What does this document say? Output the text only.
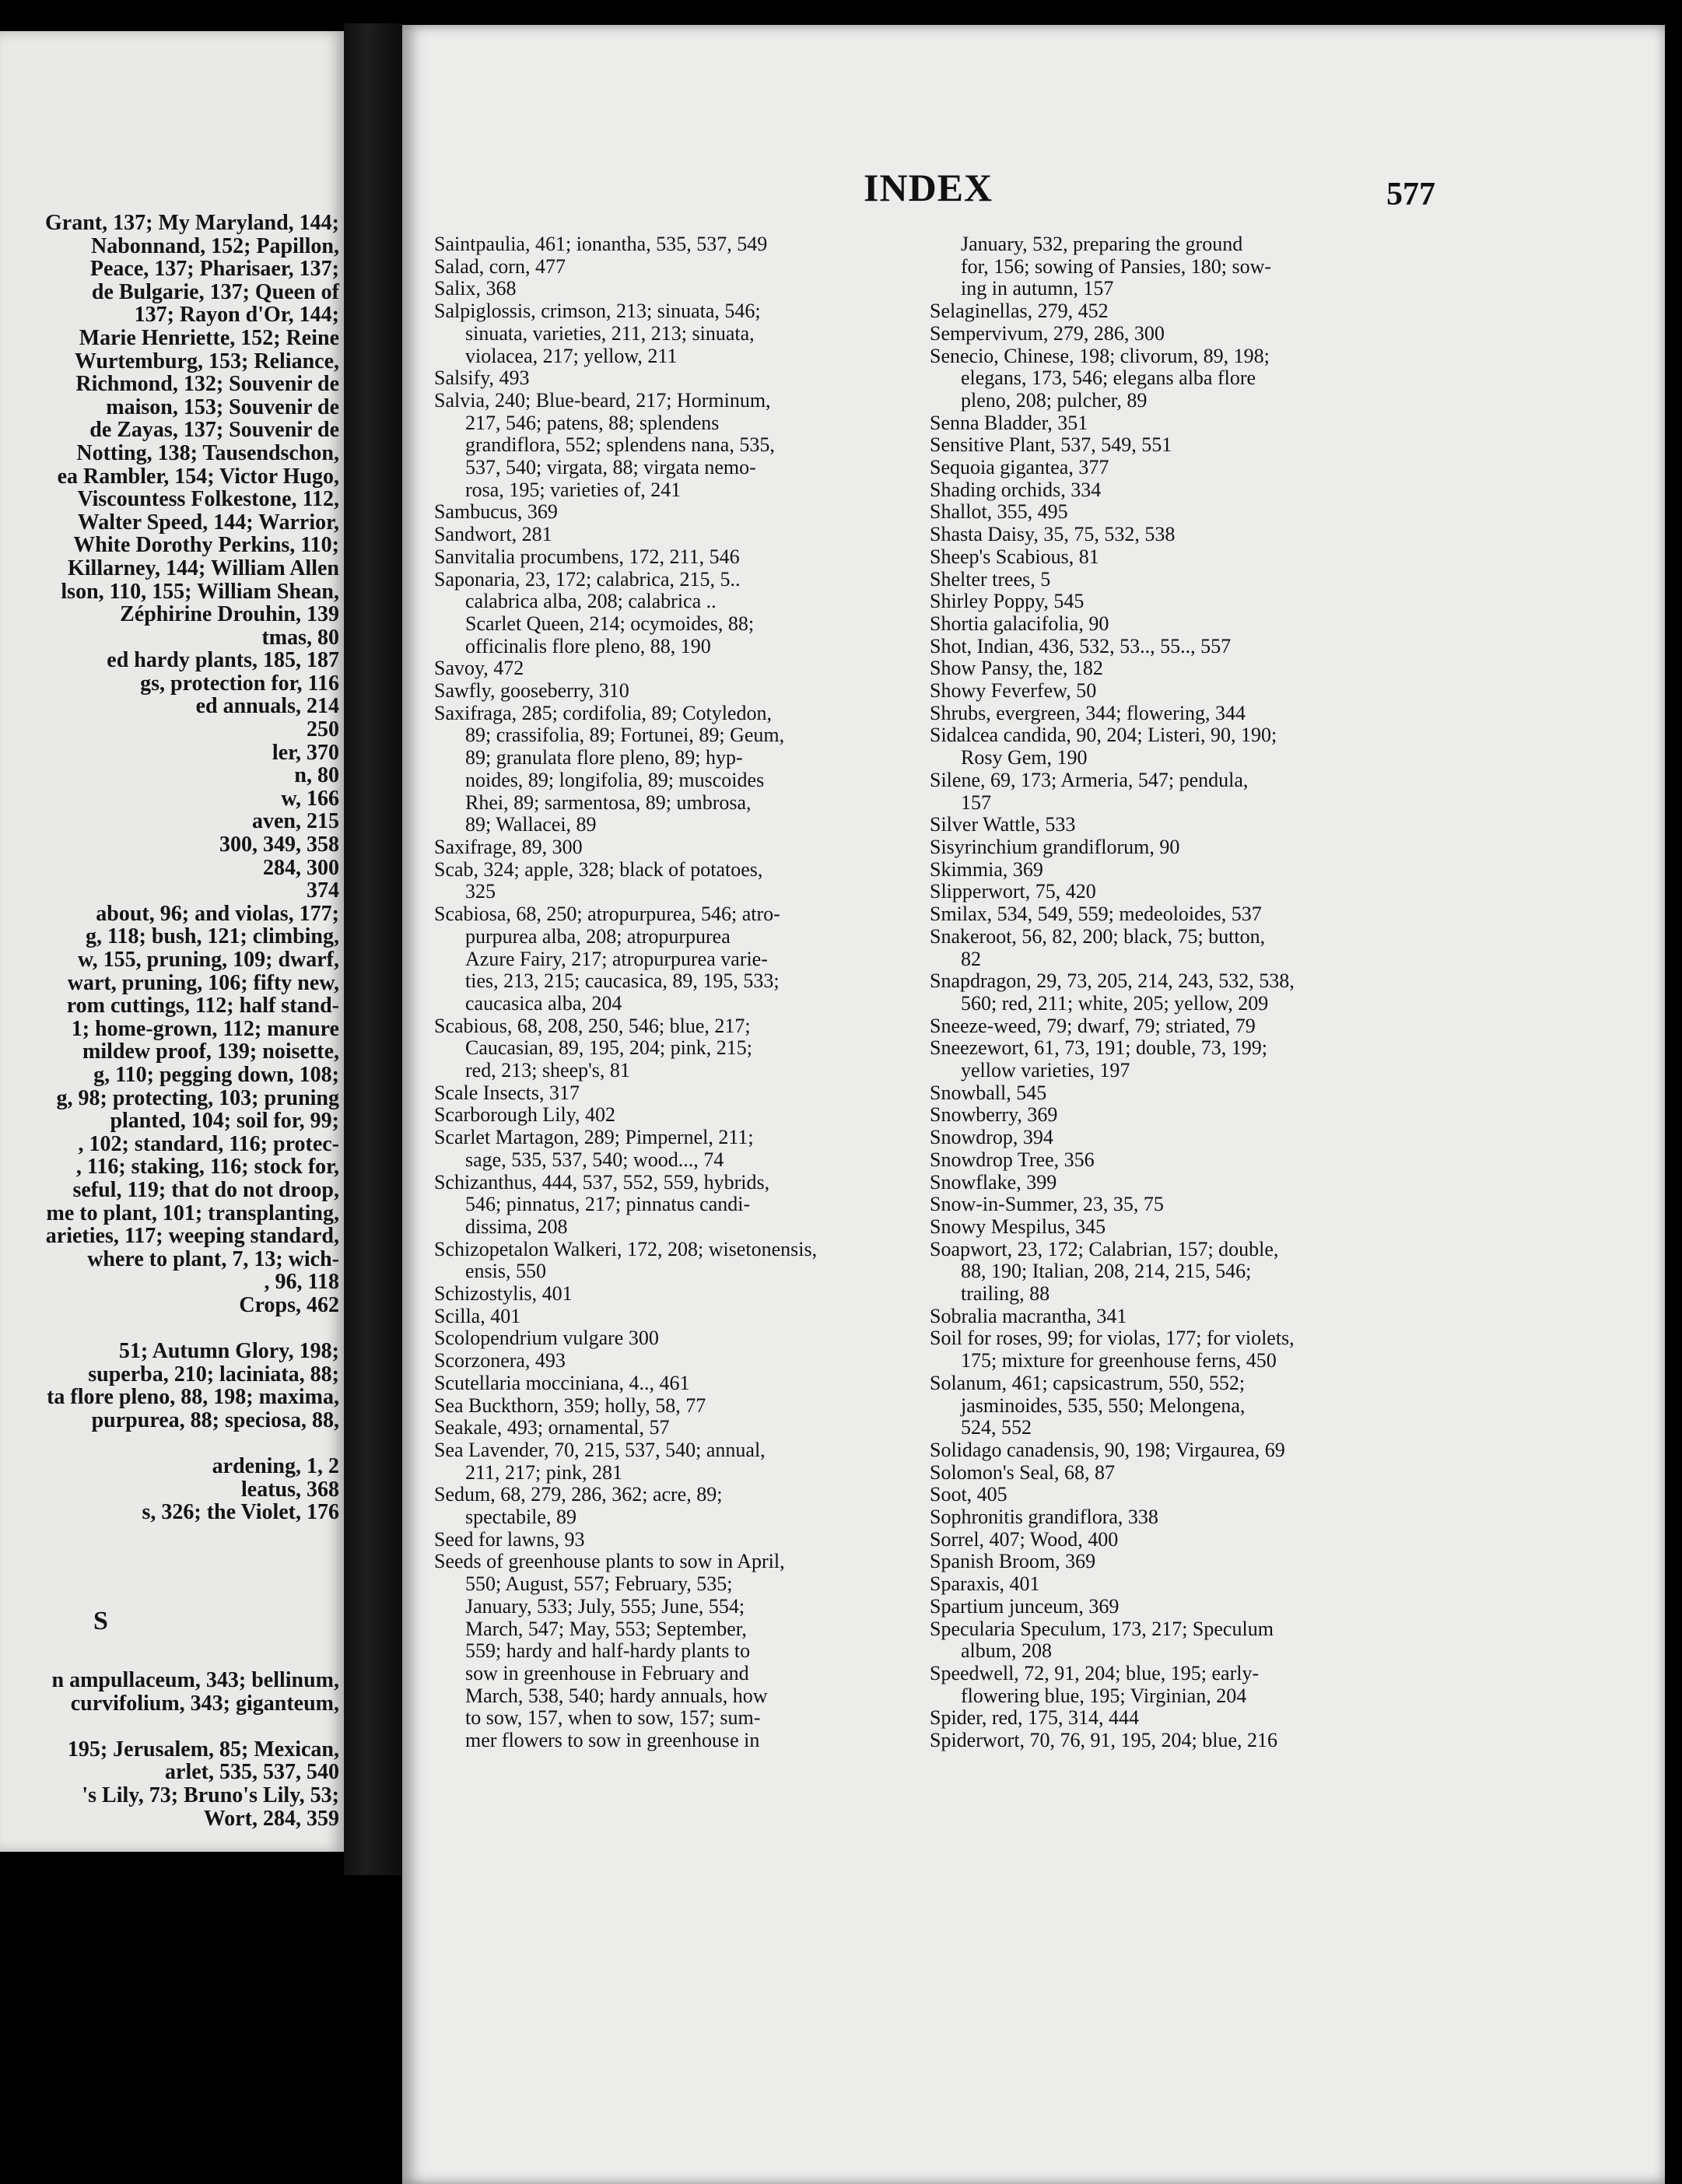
Grant, 137; My Maryland, 144;
Nabonnand, 152; Papillon,
Peace, 137; Pharisaer, 137;
de Bulgarie, 137; Queen of
137; Rayon d'Or, 144;
Marie Henriette, 152; Reine
Wurtemburg, 153; Reliance,
Richmond, 132; Souvenir de
maison, 153; Souvenir de
de Zayas, 137; Souvenir de
Notting, 138; Tausendschon,
ea Rambler, 154; Victor Hugo,
Viscountess Folkestone, 112,
Walter Speed, 144; Warrior,
White Dorothy Perkins, 110;
Killarney, 144; William Allen
lson, 110, 155; William Shean,
Zéphirine Drouhin, 139
tmas, 80
ed hardy plants, 185, 187
gs, protection for, 116
ed annuals, 214
250
ler, 370
n, 80
w, 166
aven, 215
300, 349, 358
284, 300
374
about, 96; and violas, 177;
g, 118; bush, 121; climbing,
w, 155, pruning, 109; dwarf,
wart, pruning, 106; fifty new,
rom cuttings, 112; half stand-
1; home-grown, 112; manure
mildew proof, 139; noisette,
g, 110; pegging down, 108;
g, 98; protecting, 103; pruning
planted, 104; soil for, 99;
, 102; standard, 116; protec-
, 116; staking, 116; stock for,
seful, 119; that do not droop,
me to plant, 101; transplanting,
arieties, 117; weeping standard,
where to plant, 7, 13; wich-
, 96, 118
Crops, 462

51; Autumn Glory, 198;
superba, 210; laciniata, 88;
ta flore pleno, 88, 198; maxima,
purpurea, 88; speciosa, 88,

ardening, 1, 2
leatus, 368
s, 326; the Violet, 176
S
n ampullaceum, 343; bellinum,
curvifolium, 343; giganteum,

195; Jerusalem, 85; Mexican,
arlet, 535, 537, 540
's Lily, 73; Bruno's Lily, 53;
Wort, 284, 359
INDEX	577
Saintpaulia, 461; ionantha, 535, 537, 549
Salad, corn, 477
Salix, 368
Salpiglossis, crimson, 213; sinuata, 546;
sinuata, varieties, 211, 213; sinuata,
violacea, 217; yellow, 211
Salsify, 493
Salvia, 240; Blue-beard, 217; Horminum,
217, 546; patens, 88; splendens
grandiflora, 552; splendens nana, 535,
537, 540; virgata, 88; virgata nemo-
rosa, 195; varieties of, 241
Sambucus, 369
Sandwort, 281
Sanvitalia procumbens, 172, 211, 546
Saponaria, 23, 172; calabrica, 215, 5..
calabrica alba, 208; calabrica ..
Scarlet Queen, 214; ocymoides, 88;
officinalis flore pleno, 88, 190
Savoy, 472
Sawfly, gooseberry, 310
Saxifraga, 285; cordifolia, 89; Cotyledon,
89; crassifolia, 89; Fortunei, 89; Geum,
89; granulata flore pleno, 89; hyp-
noides, 89; longifolia, 89; muscoides
Rhei, 89; sarmentosa, 89; umbrosa,
89; Wallacei, 89
Saxifrage, 89, 300
Scab, 324; apple, 328; black of potatoes,
325
Scabiosa, 68, 250; atropurpurea, 546; atro-
purpurea alba, 208; atropurpurea
Azure Fairy, 217; atropurpurea varie-
ties, 213, 215; caucasica, 89, 195, 533;
caucasica alba, 204
Scabious, 68, 208, 250, 546; blue, 217;
Caucasian, 89, 195, 204; pink, 215;
red, 213; sheep's, 81
Scale Insects, 317
Scarborough Lily, 402
Scarlet Martagon, 289; Pimpernel, 211;
sage, 535, 537, 540; wood..., 74
Schizanthus, 444, 537, 552, 559, hybrids,
546; pinnatus, 217; pinnatus candi-
dissima, 208
Schizopetalon Walkeri, 172, 208; wisetonensis,
ensis, 550
Schizostylis, 401
Scilla, 401
Scolopendrium vulgare 300
Scorzonera, 493
Scutellaria mocciniana, 4.., 461
Sea Buckthorn, 359; holly, 58, 77
Seakale, 493; ornamental, 57
Sea Lavender, 70, 215, 537, 540; annual,
211, 217; pink, 281
Sedum, 68, 279, 286, 362; acre, 89;
spectabile, 89
Seed for lawns, 93
Seeds of greenhouse plants to sow in April,
550; August, 557; February, 535;
January, 533; July, 555; June, 554;
March, 547; May, 553; September,
559; hardy and half-hardy plants to
sow in greenhouse in February and
March, 538, 540; hardy annuals, how
to sow, 157, when to sow, 157; sum-
mer flowers to sow in greenhouse in
January, 532, preparing the ground
for, 156; sowing of Pansies, 180; sow-
ing in autumn, 157
Selaginellas, 279, 452
Sempervivum, 279, 286, 300
Senecio, Chinese, 198; clivorum, 89, 198;
elegans, 173, 546; elegans alba flore
pleno, 208; pulcher, 89
Senna Bladder, 351
Sensitive Plant, 537, 549, 551
Sequoia gigantea, 377
Shading orchids, 334
Shallot, 355, 495
Shasta Daisy, 35, 75, 532, 538
Sheep's Scabious, 81
Shelter trees, 5
Shirley Poppy, 545
Shortia galacifolia, 90
Shot, Indian, 436, 532, 53.., 55.., 557
Show Pansy, the, 182
Showy Feverfew, 50
Shrubs, evergreen, 344; flowering, 344
Sidalcea candida, 90, 204; Listeri, 90, 190;
Rosy Gem, 190
Silene, 69, 173; Armeria, 547; pendula,
157
Silver Wattle, 533
Sisyrinchium grandiflorum, 90
Skimmia, 369
Slipperwort, 75, 420
Smilax, 534, 549, 559; medeoloides, 537
Snakeroot, 56, 82, 200; black, 75; button,
82
Snapdragon, 29, 73, 205, 214, 243, 532, 538,
560; red, 211; white, 205; yellow, 209
Sneeze-weed, 79; dwarf, 79; striated, 79
Sneezewort, 61, 73, 191; double, 73, 199;
yellow varieties, 197
Snowball, 545
Snowberry, 369
Snowdrop, 394
Snowdrop Tree, 356
Snowflake, 399
Snow-in-Summer, 23, 35, 75
Snowy Mespilus, 345
Soapwort, 23, 172; Calabrian, 157; double,
88, 190; Italian, 208, 214, 215, 546;
trailing, 88
Sobralia macrantha, 341
Soil for roses, 99; for violas, 177; for violets,
175; mixture for greenhouse ferns, 450
Solanum, 461; capsicastrum, 550, 552;
jasminoides, 535, 550; Melongena,
524, 552
Solidago canadensis, 90, 198; Virgaurea, 69
Solomon's Seal, 68, 87
Soot, 405
Sophronitis grandiflora, 338
Sorrel, 407; Wood, 400
Spanish Broom, 369
Sparaxis, 401
Spartium junceum, 369
Specularia Speculum, 173, 217; Speculum
album, 208
Speedwell, 72, 91, 204; blue, 195; early-
flowering blue, 195; Virginian, 204
Spider, red, 175, 314, 444
Spiderwort, 70, 76, 91, 195, 204; blue, 216
